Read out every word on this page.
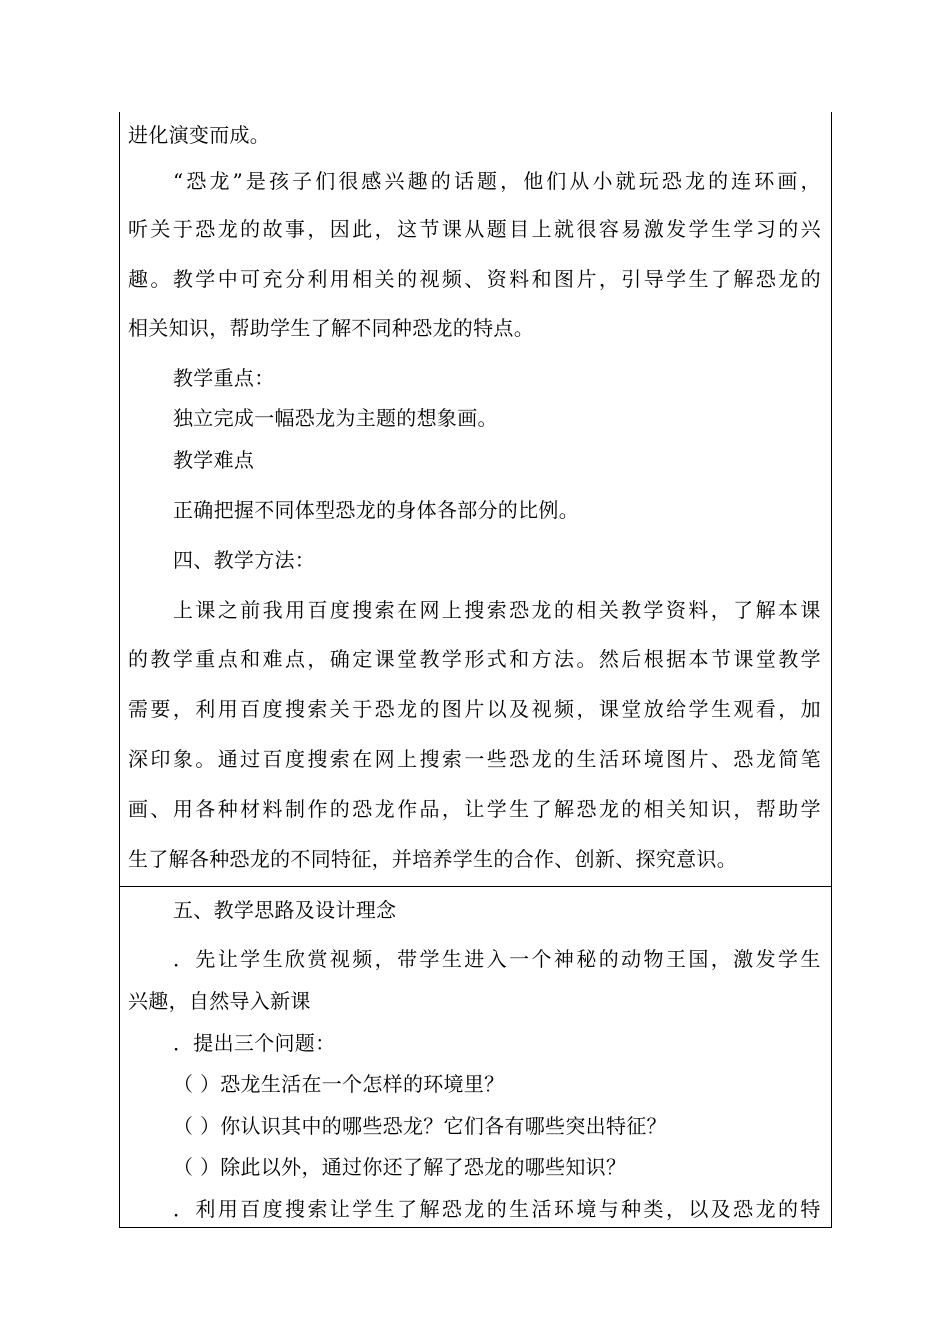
进化演变而成。
“ 恐 龙 ” 是 孩 子 们 很 感 兴 趣 的 话 题 ， 他 们 从 小 就 玩 恐 龙 的 连 环 画 ，
听 关 于 恐 龙 的 故 事 ， 因 此 ， 这 节 课 从 题 目 上 就 很 容 易 激 发 学 生 学 习 的 兴
趣 。 教 学 中 可 充 分 利 用 相 关 的 视 频 、 资 料 和 图 片 ， 引 导 学 生 了 解 恐 龙 的
相关知识，帮助学生了解不同种恐龙的特点。
教学重点：
独立完成一幅恐龙为主题的想象画。
教学难点
正确把握不同体型恐龙的身体各部分的比例。
四、教学方法：
上 课 之 前 我 用 百 度 搜 索 在 网 上 搜 索 恐 龙 的 相 关 教 学 资 料 ， 了 解 本 课
的 教 学 重 点 和 难 点 ， 确 定 课 堂 教 学 形 式 和 方 法 。 然 后 根 据 本 节 课 堂 教 学
需 要 ， 利 用 百 度 搜 索 关 于 恐 龙 的 图 片 以 及 视 频 ， 课 堂 放 给 学 生 观 看 ， 加
深 印 象 。 通 过 百 度 搜 索 在 网 上 搜 索 一 些 恐 龙 的 生 活 环 境 图 片 、 恐 龙 简 笔
画 、 用 各 种 材 料 制 作 的 恐 龙 作 品 ， 让 学 生 了 解 恐 龙 的 相 关 知 识 ， 帮 助 学
生了解各种恐龙的不同特征，并培养学生的合作、创新、探究意识。
五、教学思路及设计理念
． 先 让 学 生 欣 赏 视 频 ， 带 学 生 进 入 一 个 神 秘 的 动 物 王 国 ， 激 发 学 生
兴趣，自然导入新课
．提出三个问题：
（ ）恐龙生活在一个怎样的环境里？
（ ）你认识其中的哪些恐龙？它们各有哪些突出特征？
（ ）除此以外，通过你还了解了恐龙的哪些知识？
． 利 用 百 度 搜 索 让 学 生 了 解 恐 龙 的 生 活 环 境 与 种 类 ， 以 及 恐 龙 的 特
